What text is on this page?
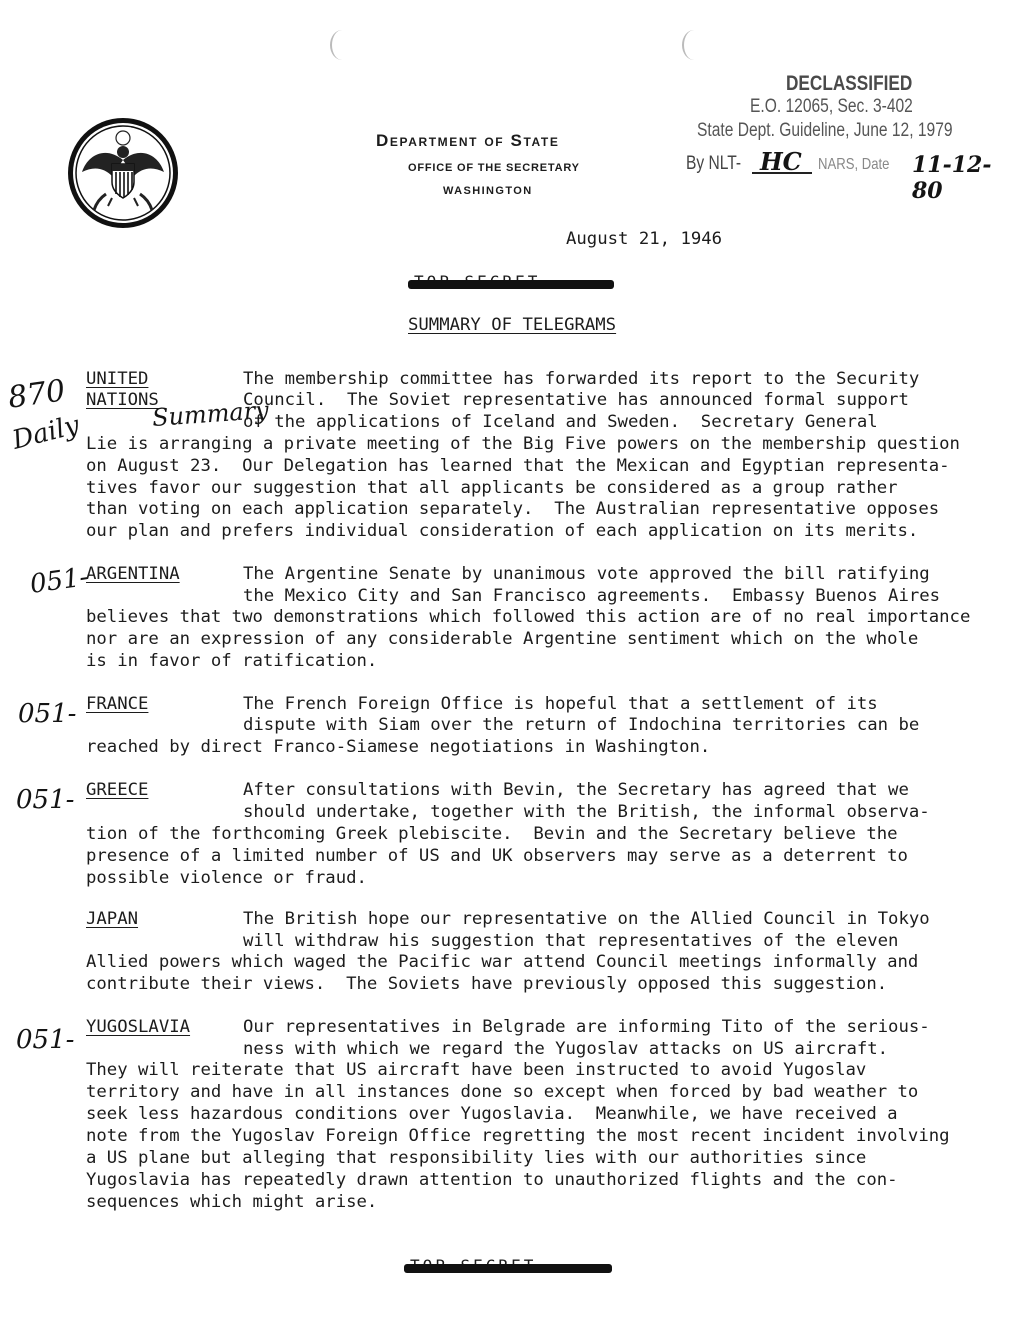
Department of State
OFFICE OF THE SECRETARY
WASHINGTON
DECLASSIFIED
E.O. 12065, Sec. 3-402
State Dept. Guideline, June 12, 1979
By NLT- HC NARS, Date 11-12-80
August 21, 1946
SUMMARY OF TELEGRAMS
870
Daily	Summary
051-
051-
051-
051-
UNITED
NATIONS
The membership committee has forwarded its report to the Security
Council.  The Soviet representative has announced formal support
of the applications of Iceland and Sweden.  Secretary General
Lie is arranging a private meeting of the Big Five powers on the membership question
on August 23.  Our Delegation has learned that the Mexican and Egyptian representa-
tives favor our suggestion that all applicants be considered as a group rather
than voting on each application separately.  The Australian representative opposes
our plan and prefers individual consideration of each application on its merits.
ARGENTINA	The Argentine Senate by unanimous vote approved the bill ratifying
the Mexico City and San Francisco agreements.  Embassy Buenos Aires
believes that two demonstrations which followed this action are of no real importance
nor are an expression of any considerable Argentine sentiment which on the whole
is in favor of ratification.
FRANCE	The French Foreign Office is hopeful that a settlement of its
dispute with Siam over the return of Indochina territories can be
reached by direct Franco-Siamese negotiations in Washington.
GREECE	After consultations with Bevin, the Secretary has agreed that we
should undertake, together with the British, the informal observa-
tion of the forthcoming Greek plebiscite.  Bevin and the Secretary believe the
presence of a limited number of US and UK observers may serve as a deterrent to
possible violence or fraud.
JAPAN	The British hope our representative on the Allied Council in Tokyo
will withdraw his suggestion that representatives of the eleven
Allied powers which waged the Pacific war attend Council meetings informally and
contribute their views.  The Soviets have previously opposed this suggestion.
YUGOSLAVIA	Our representatives in Belgrade are informing Tito of the serious-
ness with which we regard the Yugoslav attacks on US aircraft.
They will reiterate that US aircraft have been instructed to avoid Yugoslav
territory and have in all instances done so except when forced by bad weather to
seek less hazardous conditions over Yugoslavia.  Meanwhile, we have received a
note from the Yugoslav Foreign Office regretting the most recent incident involving
a US plane but alleging that responsibility lies with our authorities since
Yugoslavia has repeatedly drawn attention to unauthorized flights and the con-
sequences which might arise.
